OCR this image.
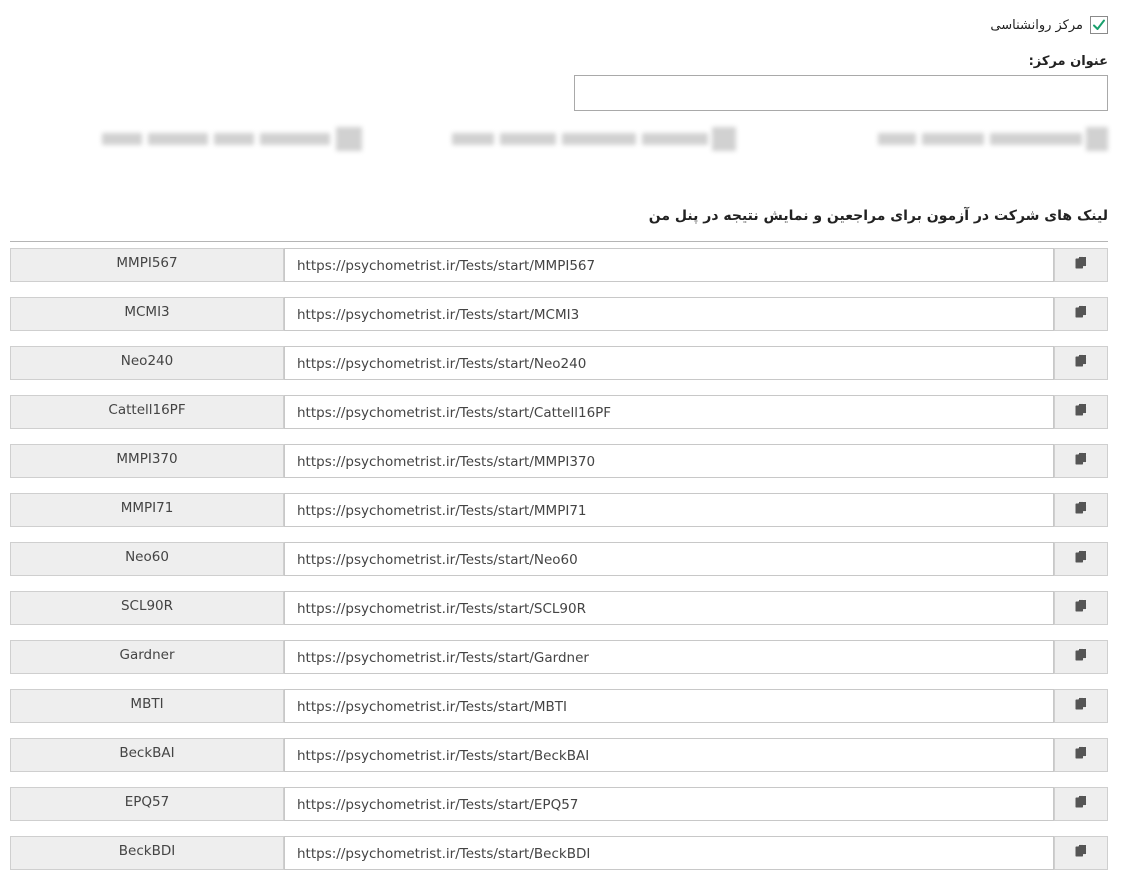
مرکز روانشناسی
عنوان مرکز:
لینک های شرکت در آزمون برای مراجعین و نمایش نتیجه در پنل من
MMPI567	https://psychometrist.ir/Tests/start/MMPI567
MCMI3	https://psychometrist.ir/Tests/start/MCMI3
Neo240	https://psychometrist.ir/Tests/start/Neo240
Cattell16PF	https://psychometrist.ir/Tests/start/Cattell16PF
MMPI370	https://psychometrist.ir/Tests/start/MMPI370
MMPI71	https://psychometrist.ir/Tests/start/MMPI71
Neo60	https://psychometrist.ir/Tests/start/Neo60
SCL90R	https://psychometrist.ir/Tests/start/SCL90R
Gardner	https://psychometrist.ir/Tests/start/Gardner
MBTI	https://psychometrist.ir/Tests/start/MBTI
BeckBAI	https://psychometrist.ir/Tests/start/BeckBAI
EPQ57	https://psychometrist.ir/Tests/start/EPQ57
BeckBDI	https://psychometrist.ir/Tests/start/BeckBDI
